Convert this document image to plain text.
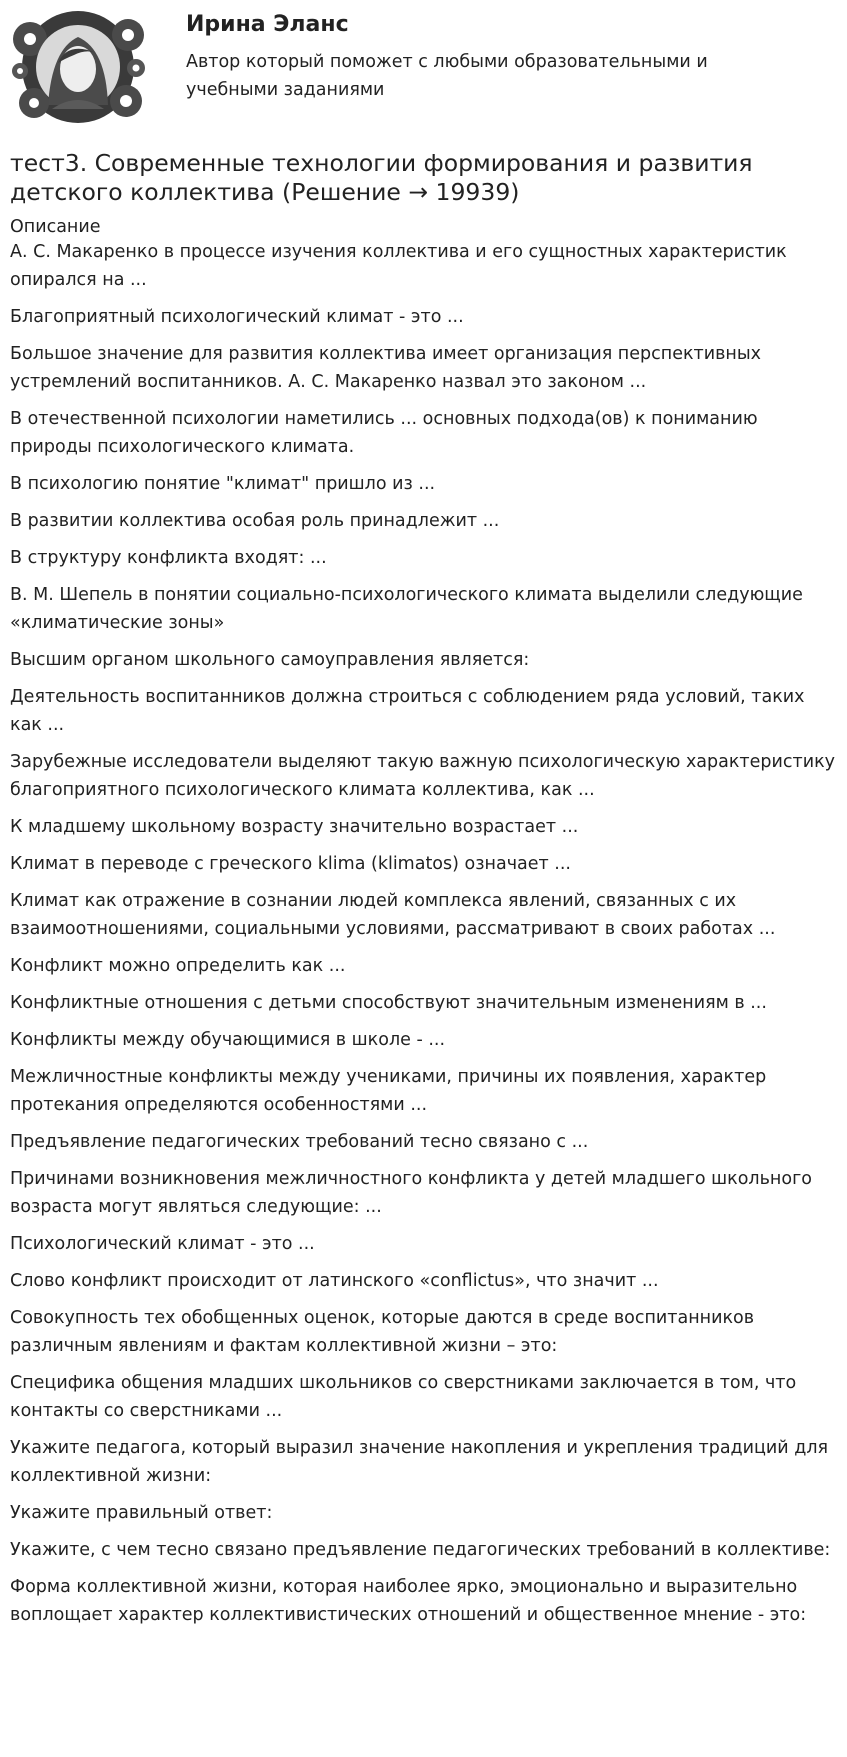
Ирина Эланс

Автор который поможет с любыми образовательными и учебными заданиями

тест3. Современные технологии формирования и развития детского коллектива (Решение → 19939)
Описание
А. С. Макаренко в процессе изучения коллектива и его сущностных характеристик опирался на ...
Благоприятный психологический климат - это ...
Большое значение для развития коллектива имеет организация перспективных устремлений воспитанников. А. С. Макаренко назвал это законом ...
В отечественной психологии наметились ... основных подхода(ов) к пониманию природы психологического климата.
В психологию понятие "климат" пришло из ...
В развитии коллектива особая роль принадлежит ...
В структуру конфликта входят: ...
В. М. Шепель в понятии социально-психологического климата выделили следующие «климатические зоны»
Высшим органом школьного самоуправления является:
Деятельность воспитанников должна строиться с соблюдением ряда условий, таких как ...
Зарубежные исследователи выделяют такую важную психологическую характеристику благоприятного психологического климата коллектива, как ...
К младшему школьному возрасту значительно возрастает ...
Климат в переводе с греческого klima (klimatos) означает ...
Климат как отражение в сознании людей комплекса явлений, связанных с их взаимоотношениями, социальными условиями, рассматривают в своих работах ...
Конфликт можно определить как ...
Конфликтные отношения с детьми способствуют значительным изменениям в ...
Конфликты между обучающимися в школе - ...
Межличностные конфликты между учениками, причины их появления, характер протекания определяются особенностями ...
Предъявление педагогических требований тесно связано с ...
Причинами возникновения межличностного конфликта у детей младшего школьного возраста могут являться следующие: ...
Психологический климат - это ...
Слово конфликт происходит от латинского «conflictus», что значит ...
Совокупность тех обобщенных оценок, которые даются в среде воспитанников различным явлениям и фактам коллективной жизни – это:
Специфика общения младших школьников со сверстниками заключается в том, что контакты со сверстниками ...
Укажите педагога, который выразил значение накопления и укрепления традиций для коллективной жизни:
Укажите правильный ответ:
Укажите, с чем тесно связано предъявление педагогических требований в коллективе:
Форма коллективной жизни, которая наиболее ярко, эмоционально и выразительно воплощает характер коллективистических отношений и общественное мнение - это:
